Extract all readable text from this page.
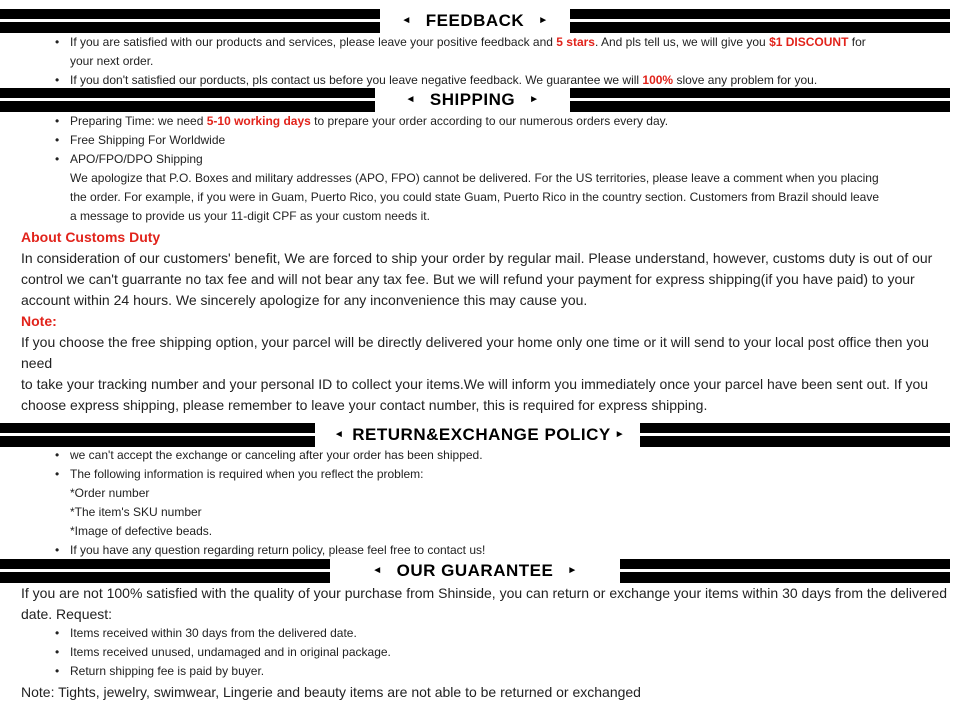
◄ FEEDBACK ►
• If you are satisfied with our products and services, please leave your positive feedback and 5 stars. And pls tell us, we will give you $1 DISCOUNT for
your next order.
• If you don't satisfied our porducts, pls contact us before you leave negative feedback. We guarantee we will 100% slove any problem for you.
◄ SHIPPING ►
• Preparing Time: we need 5-10 working days to prepare your order according to our numerous orders every day.
• Free Shipping For Worldwide
• APO/FPO/DPO Shipping
We apologize that P.O. Boxes and military addresses (APO, FPO) cannot be delivered. For the US territories, please leave a comment when you placing
the order. For example, if you were in Guam, Puerto Rico, you could state Guam, Puerto Rico in the country section. Customers from Brazil should leave
a message to provide us your 11-digit CPF as your custom needs it.

About Customs Duty

In consideration of our customers' benefit, We are forced to ship your order by regular mail. Please understand, however, customs duty is out of our
control we can't guarrante no tax fee and will not bear any tax fee. But we will refund your payment for express shipping(if you have paid) to your
account within 24 hours. We sincerely apologize for any inconvenience this may cause you.

Note:

If you choose the free shipping option, your parcel will be directly delivered your home only one time or it will send to your local post office then you need
to take your tracking number and your personal ID to collect your items.We will inform you immediately once your parcel have been sent out. If you
choose express shipping, please remember to leave your contact number, this is required for express shipping.
◄ RETURN&EXCHANGE POLICY ►
• we can't accept the exchange or canceling after your order has been shipped.
• The following information is required when you reflect the problem:
*Order number
*The item's SKU number
*Image of defective beads.
• If you have any question regarding return policy, please feel free to contact us!
◄ OUR GUARANTEE ►
If you are not 100% satisfied with the quality of your purchase from Shinside, you can return or exchange your items within 30 days from the delivered
date. Request:
• Items received within 30 days from the delivered date.
• Items received unused, undamaged and in original package.
• Return shipping fee is paid by buyer.
Note: Tights, jewelry, swimwear, Lingerie and beauty items are not able to be returned or exchanged
